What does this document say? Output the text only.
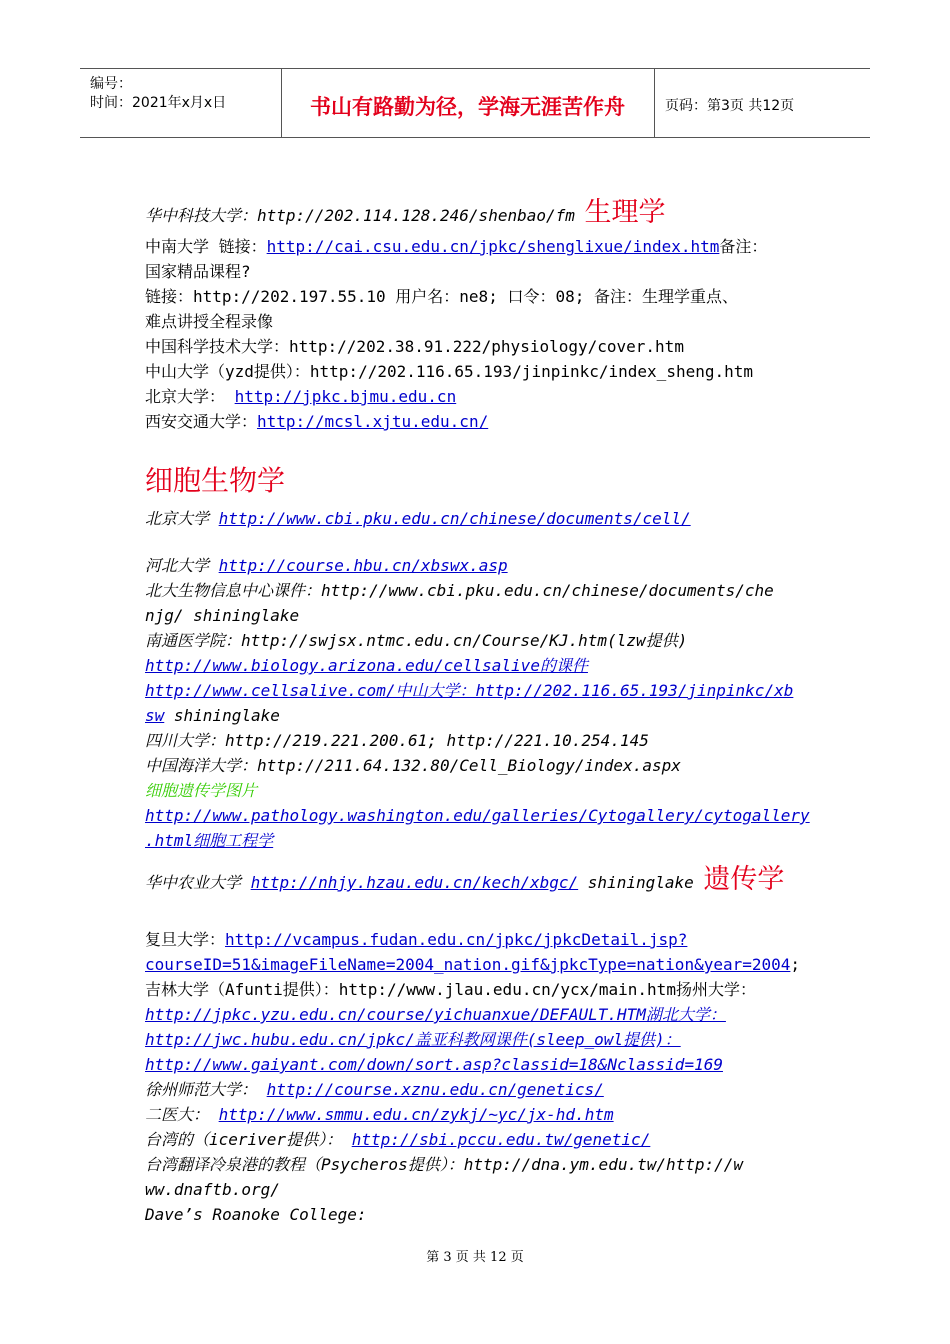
编号：
时间：2021年x月x日	书山有路勤为径，学海无涯苦作舟	页码：第3页 共12页
华中科技大学：http://202.114.128.246/shenbao/fm 生理学
中南大学 链接：http://cai.csu.edu.cn/jpkc/shenglixue/index.htm备注：
国家精品课程?
链接：http://202.197.55.10 用户名：ne8; 口令：08; 备注：生理学重点、
难点讲授全程录像
中国科学技术大学：http://202.38.91.222/physiology/cover.htm
中山大学（yzd提供）：http://202.116.65.193/jinpinkc/index_sheng.htm
北京大学： http://jpkc.bjmu.edu.cn
西安交通大学：http://mcsl.xjtu.edu.cn/
细胞生物学
北京大学 http://www.cbi.pku.edu.cn/chinese/documents/cell/
河北大学 http://course.hbu.cn/xbswx.asp
北大生物信息中心课件：http://www.cbi.pku.edu.cn/chinese/documents/che
njg/ shininglake
南通医学院：http://swjsx.ntmc.edu.cn/Course/KJ.htm(lzw提供)
http://www.biology.arizona.edu/cellsalive的课件
http://www.cellsalive.com/中山大学：http://202.116.65.193/jinpinkc/xb
sw shininglake
四川大学：http://219.221.200.61; http://221.10.254.145
中国海洋大学：http://211.64.132.80/Cell_Biology/index.aspx
细胞遗传学图片
http://www.pathology.washington.edu/galleries/Cytogallery/cytogallery
.html细胞工程学
华中农业大学 http://nhjy.hzau.edu.cn/kech/xbgc/ shininglake 遗传学
复旦大学：http://vcampus.fudan.edu.cn/jpkc/jpkcDetail.jsp?
courseID=51&imageFileName=2004_nation.gif&jpkcType=nation&year=2004;
吉林大学（Afunti提供）：http://www.jlau.edu.cn/ycx/main.htm扬州大学：
http://jpkc.yzu.edu.cn/course/yichuanxue/DEFAULT.HTM湖北大学：
http://jwc.hubu.edu.cn/jpkc/盖亚科教网课件(sleep_owl提供)：
http://www.gaiyant.com/down/sort.asp?classid=18&Nclassid=169
徐州师范大学： http://course.xznu.edu.cn/genetics/
二医大： http://www.smmu.edu.cn/zykj/~yc/jx-hd.htm
台湾的（iceriver提供）： http://sbi.pccu.edu.tw/genetic/
台湾翻译冷泉港的教程（Psycheros提供）：http://dna.ym.edu.tw/http://w
ww.dnaftb.org/
Dave’s Roanoke College:
第 3 页 共 12 页
